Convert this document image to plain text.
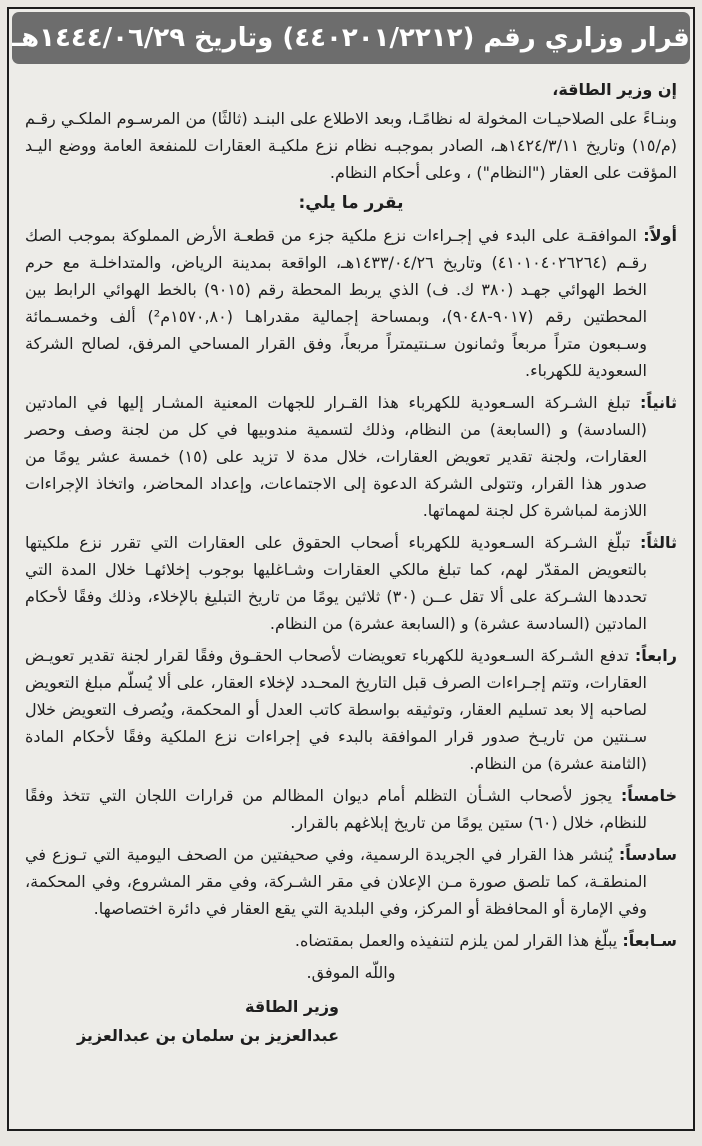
قرار وزاري رقم (٤٤٠٢٠١/٢٢١٢) وتاريخ ١٤٤٤/٠٦/٢٩هـ

إن وزير الطاقة،

وبنـاءً على الصلاحيـات المخولة له نظامًـا، وبعد الاطلاع على البنـد (ثالثًا) من المرسـوم الملكـي رقـم (م/١٥) وتاريخ ١٤٢٤/٣/١١هـ، الصادر بموجبـه نظام نزع ملكيـة العقارات للمنفعة العامة ووضع اليـد المؤقت على العقار ("النظام") ، وعلى أحكام النظام.

يقرر ما يلي:

أولاً: الموافقـة على البدء في إجـراءات نزع ملكية جزء من قطعـة الأرض المملوكة بموجب الصك رقـم (٤١٠١٠٤٠٢٦٢٦٤) وتاريخ ١٤٣٣/٠٤/٢٦هـ، الواقعة بمدينة الرياض، والمتداخلـة مع حرم الخط الهوائي جهـد (٣٨٠ ك. ف) الذي يربط المحطة رقم (٩٠١٥) بالخط الهوائي الرابط بين المحطتين رقم (٩٠١٧-٩٠٤٨)، وبمساحة إجمالية مقدراهـا (١٥٧٠,٨٠م²) ألف وخمسـمائة وسـبعون متراً مربعاً وثمانون سـنتيمتراً مربعاً، وفق القرار المساحي المرفق، لصالح الشركة السعودية للكهرباء.

ثانياً: تبلغ الشـركة السـعودية للكهرباء هذا القـرار للجهات المعنية المشـار إليها في المادتين (السادسة) و (السابعة) من النظام، وذلك لتسمية مندوبيها في كل من لجنة وصف وحصر العقارات، ولجنة تقدير تعويض العقارات، خلال مدة لا تزيد على (١٥) خمسة عشر يومًا من صدور هذا القرار، وتتولى الشركة الدعوة إلى الاجتماعات، وإعداد المحاضر، واتخاذ الإجراءات اللازمة لمباشرة كل لجنة لمهماتها.

ثالثاً: تبلّغ الشـركة السـعودية للكهرباء أصحاب الحقوق على العقارات التي تقرر نزع ملكيتها بالتعويض المقدّر لهم، كما تبلغ مالكي العقارات وشـاغليها بوجوب إخلائهـا خلال المدة التي تحددها الشـركة على ألا تقل عــن (٣٠) ثلاثين يومًا من تاريخ التبليغ بالإخلاء، وذلك وفقًا لأحكام المادتين (السادسة عشرة) و (السابعة عشرة) من النظام.

رابعاً: تدفع الشـركة السـعودية للكهرباء تعويضات لأصحاب الحقـوق وفقًا لقرار لجنة تقدير تعويـض العقارات، وتتم إجـراءات الصرف قبل التاريخ المحـدد لإخلاء العقار، على ألا يُسلّم مبلغ التعويض لصاحبه إلا بعد تسليم العقار، وتوثيقه بواسطة كاتب العدل أو المحكمة، ويُصرف التعويض خلال سـنتين من تاريـخ صدور قرار الموافقة بالبدء في إجراءات نزع الملكية وفقًا لأحكام المادة (الثامنة عشرة) من النظام.

خامساً: يجوز لأصحاب الشـأن التظلم أمام ديوان المظالم من قرارات اللجان التي تتخذ وفقًا للنظام، خلال (٦٠) ستين يومًا من تاريخ إبلاغهم بالقرار.

سادساً: يُنشر هذا القرار في الجريدة الرسمية، وفي صحيفتين من الصحف اليومية التي تـوزع في المنطقـة، كما تلصق صورة مـن الإعلان في مقر الشـركة، وفي مقر المشروع، وفي المحكمة، وفي الإمارة أو المحافظة أو المركز، وفي البلدية التي يقع العقار في دائرة اختصاصها.

سـابعاً: يبلّغ هذا القرار لمن يلزم لتنفيذه والعمل بمقتضاه.

واللّه الموفق.

وزير الطاقة

عبدالعزيز بن سلمان بن عبدالعزيز
